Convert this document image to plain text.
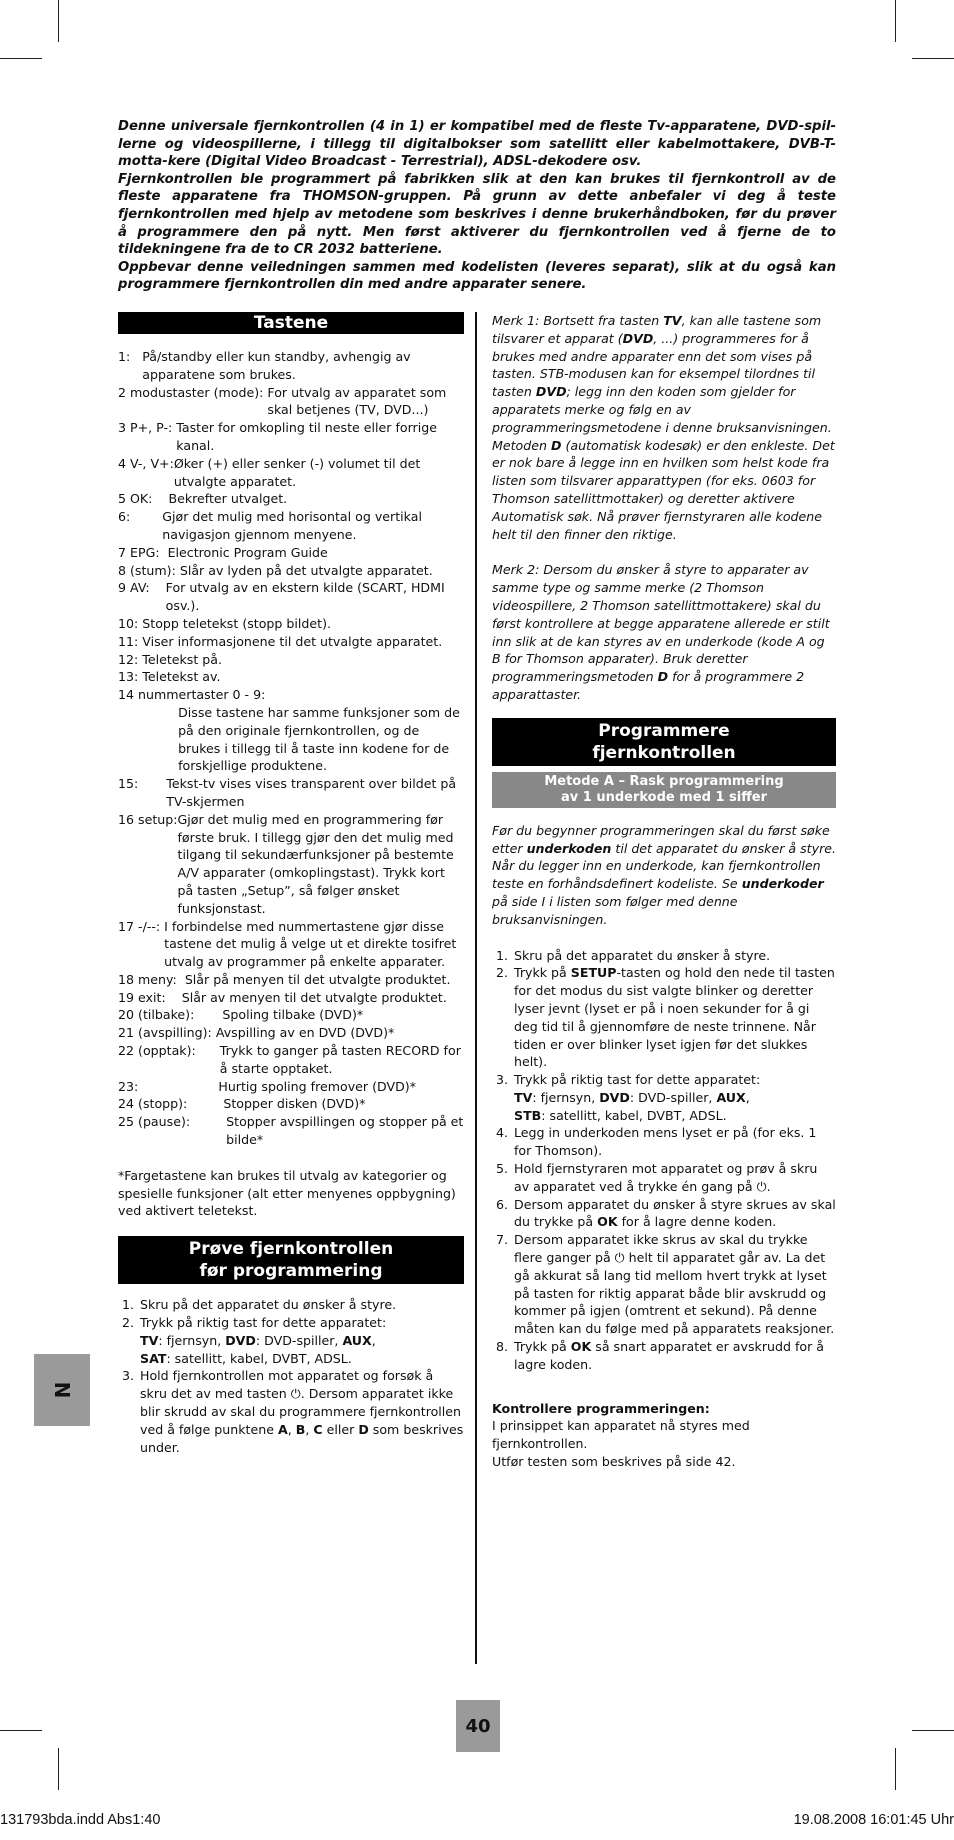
Denne universale fjernkontrollen (4 in 1) er kompatibel med de fleste Tv-apparatene, DVD-spil-lerne og videospillerne, i tillegg til digitalbokser som satellitt eller kabelmottakere, DVB-T-motta-kere (Digital Video Broadcast - Terrestrial), ADSL-dekodere osv.

Fjernkontrollen ble programmert på fabrikken slik at den kan brukes til fjernkontroll av de fleste apparatene fra THOMSON-gruppen. På grunn av dette anbefaler vi deg å teste fjernkontrollen med hjelp av metodene som beskrives i denne brukerhåndboken, før du prøver å programmere den på nytt. Men først aktiverer du fjernkontrollen ved å fjerne de to tildekningene fra de to CR 2032 batteriene.

Oppbevar denne veiledningen sammen med kodelisten (leveres separat), slik at du også kan programmere fjernkontrollen din med andre apparater senere.

Tastene
1: På/standby eller kun standby, avhengig av apparatene som brukes.
2 modustaster (mode): For utvalg av apparatet som skal betjenes (TV, DVD...)
3 P+, P-: Taster for omkopling til neste eller forrige kanal.
4 V-, V+: Øker (+) eller senker (-) volumet til det utvalgte apparatet.
5 OK: Bekrefter utvalget.
6: Gjør det mulig med horisontal og vertikal navigasjon gjennom menyene.
7 EPG: Electronic Program Guide
8 (stum): Slår av lyden på det utvalgte apparatet.
9 AV: For utvalg av en ekstern kilde (SCART, HDMI osv.).
10: Stopp teletekst (stopp bildet).
11: Viser informasjonene til det utvalgte apparatet.
12: Teletekst på.
13: Teletekst av.
14 nummertaster 0 - 9:

Disse tastene har samme funksjoner som de på den originale fjernkontrollen, og de brukes i tillegg til å taste inn kodene for de forskjellige produktene.
15: Tekst-tv vises vises transparent over bildet på TV-skjermen
16 setup: Gjør det mulig med en programmering før første bruk. I tillegg gjør den det mulig med tilgang til sekundærfunksjoner på bestemte A/V apparater (omkoplingstast). Trykk kort på tasten „Setup”, så følger ønsket funksjonstast.
17 -/--: I forbindelse med nummertastene gjør disse tastene det mulig å velge ut et direkte tosifret utvalg av programmer på enkelte apparater.
18 meny: Slår på menyen til det utvalgte produktet.
19 exit: Slår av menyen til det utvalgte produktet.
20 (tilbake): Spoling tilbake (DVD)*
21 (avspilling): Avspilling av en DVD (DVD)*
22 (opptak): Trykk to ganger på tasten RECORD for å starte opptaket.
23: Hurtig spoling fremover (DVD)*
24 (stopp): Stopper disken (DVD)*
25 (pause): Stopper avspillingen og stopper på et bilde*

*Fargetastene kan brukes til utvalg av kategorier og spesielle funksjoner (alt etter menyenes oppbygning) ved aktivert teletekst.

Prøve fjernkontrollen
før programmering
1. Skru på det apparatet du ønsker å styre.
2. Trykk på riktig tast for dette apparatet:
TV: fjernsyn, DVD: DVD-spiller, AUX,
SAT: satellitt, kabel, DVBT, ADSL.
3. Hold fjernkontrollen mot apparatet og forsøk å skru det av med tasten ⏻. Dersom apparatet ikke blir skrudd av skal du programmere fjernkontrollen ved å følge punktene A, B, C eller D som beskrives under.

Merk 1: Bortsett fra tasten TV, kan alle tastene som tilsvarer et apparat (DVD, ...) programmeres for å brukes med andre apparater enn det som vises på tasten. STB-modusen kan for eksempel tilordnes til tasten DVD; legg inn den koden som gjelder for apparatets merke og følg en av programmeringsmetodene i denne bruksanvisningen. Metoden D (automatisk kodesøk) er den enkleste. Det er nok bare å legge inn en hvilken som helst kode fra listen som tilsvarer apparattypen (for eks. 0603 for Thomson satellittmottaker) og deretter aktivere Automatisk søk. Nå prøver fjernstyraren alle kodene helt til den finner den riktige.

Merk 2: Dersom du ønsker å styre to apparater av samme type og samme merke (2 Thomson videospillere, 2 Thomson satellittmottakere) skal du først kontrollere at begge apparatene allerede er stilt inn slik at de kan styres av en underkode (kode A og B for Thomson apparater). Bruk deretter programmeringsmetoden D for å programmere 2 apparattaster.

Programmere
fjernkontrollen
Metode A – Rask programmering
av 1 underkode med 1 siffer

Før du begynner programmeringen skal du først søke etter underkoden til det apparatet du ønsker å styre. Når du legger inn en underkode, kan fjernkontrollen teste en forhåndsdefinert kodeliste. Se underkoder på side I i listen som følger med denne bruksanvisningen.

1. Skru på det apparatet du ønsker å styre.
2. Trykk på SETUP-tasten og hold den nede til tasten for det modus du sist valgte blinker og deretter lyser jevnt (lyset er på i noen sekunder for å gi deg tid til å gjennomføre de neste trinnene. Når tiden er over blinker lyset igjen før det slukkes helt).
3. Trykk på riktig tast for dette apparatet:
TV: fjernsyn, DVD: DVD-spiller, AUX,
STB: satellitt, kabel, DVBT, ADSL.
4. Legg in underkoden mens lyset er på (for eks. 1 for Thomson).
5. Hold fjernstyraren mot apparatet og prøv å skru av apparatet ved å trykke én gang på ⏻.
6. Dersom apparatet du ønsker å styre skrues av skal du trykke på OK for å lagre denne koden.
7. Dersom apparatet ikke skrus av skal du trykke flere ganger på ⏻ helt til apparatet går av. La det gå akkurat så lang tid mellom hvert trykk at lyset på tasten for riktig apparat både blir avskrudd og kommer på igjen (omtrent et sekund). På denne måten kan du følge med på apparatets reaksjoner.
8. Trykk på OK så snart apparatet er avskrudd for å lagre koden.

Kontrollere programmeringen:

I prinsippet kan apparatet nå styres med fjernkontrollen.

Utfør testen som beskrives på side 42.

N
40
131793bda.indd Abs1:40	19.08.2008 16:01:45 Uhr
